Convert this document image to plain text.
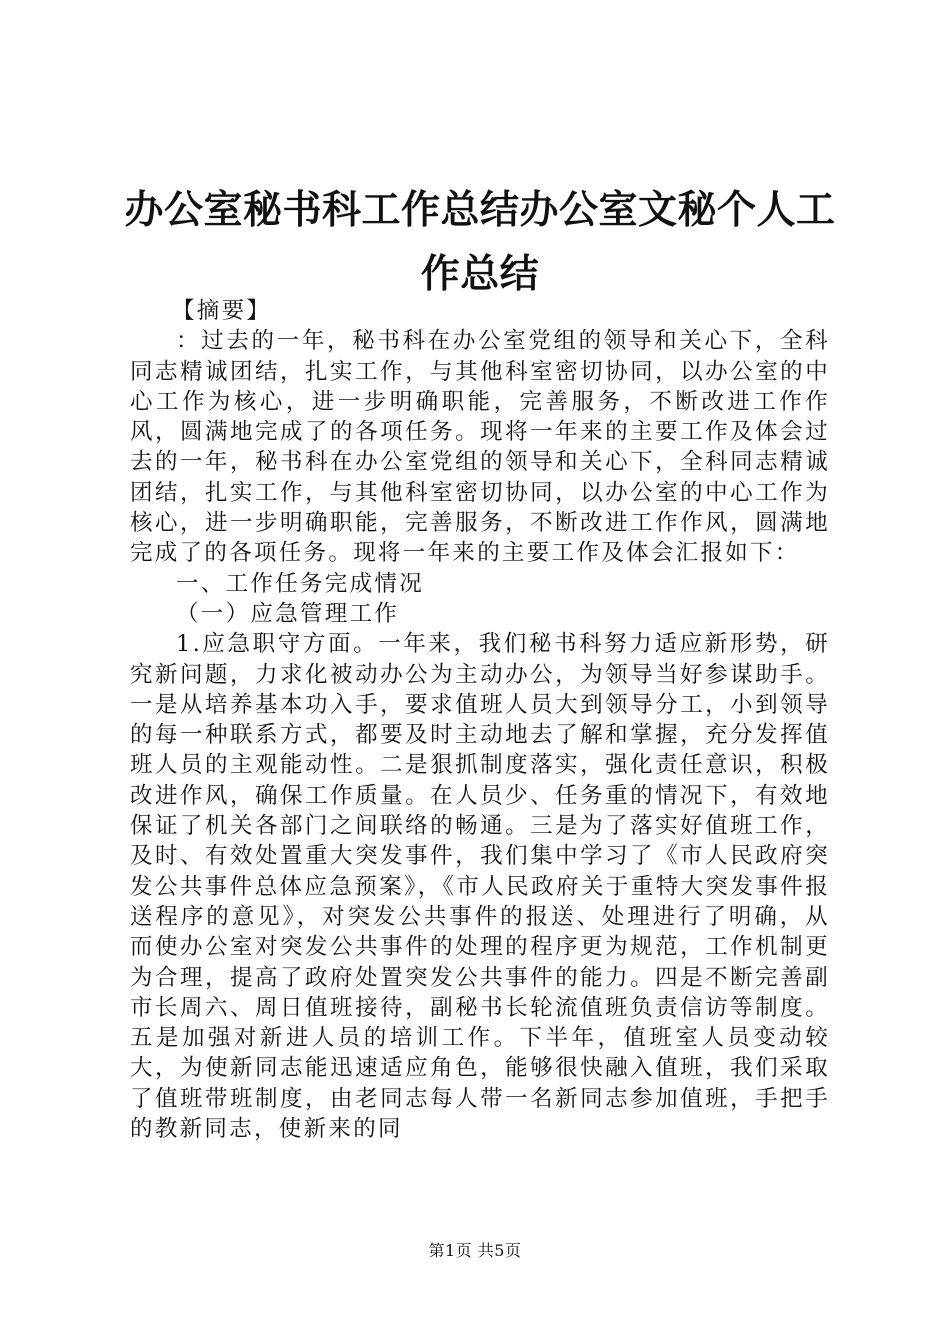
办公室秘书科工作总结办公室文秘个人工作总结

【摘要】

：过去的一年，秘书科在办公室党组的领导和关心下，全科同志精诚团结，扎实工作，与其他科室密切协同，以办公室的中心工作为核心，进一步明确职能，完善服务，不断改进工作作风，圆满地完成了的各项任务。现将一年来的主要工作及体会过去的一年，秘书科在办公室党组的领导和关心下，全科同志精诚团结，扎实工作，与其他科室密切协同，以办公室的中心工作为核心，进一步明确职能，完善服务，不断改进工作作风，圆满地完成了的各项任务。现将一年来的主要工作及体会汇报如下：

一、工作任务完成情况

（一）应急管理工作

1.应急职守方面。一年来，我们秘书科努力适应新形势，研究新问题，力求化被动办公为主动办公，为领导当好参谋助手。一是从培养基本功入手，要求值班人员大到领导分工，小到领导的每一种联系方式，都要及时主动地去了解和掌握，充分发挥值班人员的主观能动性。二是狠抓制度落实，强化责任意识，积极改进作风，确保工作质量。在人员少、任务重的情况下，有效地保证了机关各部门之间联络的畅通。三是为了落实好值班工作，及时、有效处置重大突发事件，我们集中学习了《市人民政府突发公共事件总体应急预案》，《市人民政府关于重特大突发事件报送程序的意见》，对突发公共事件的报送、处理进行了明确，从而使办公室对突发公共事件的处理的程序更为规范，工作机制更为合理，提高了政府处置突发公共事件的能力。四是不断完善副市长周六、周日值班接待，副秘书长轮流值班负责信访等制度。五是加强对新进人员的培训工作。下半年，值班室人员变动较大，为使新同志能迅速适应角色，能够很快融入值班，我们采取了值班带班制度，由老同志每人带一名新同志参加值班，手把手的教新同志，使新来的同

第1页 共5页
